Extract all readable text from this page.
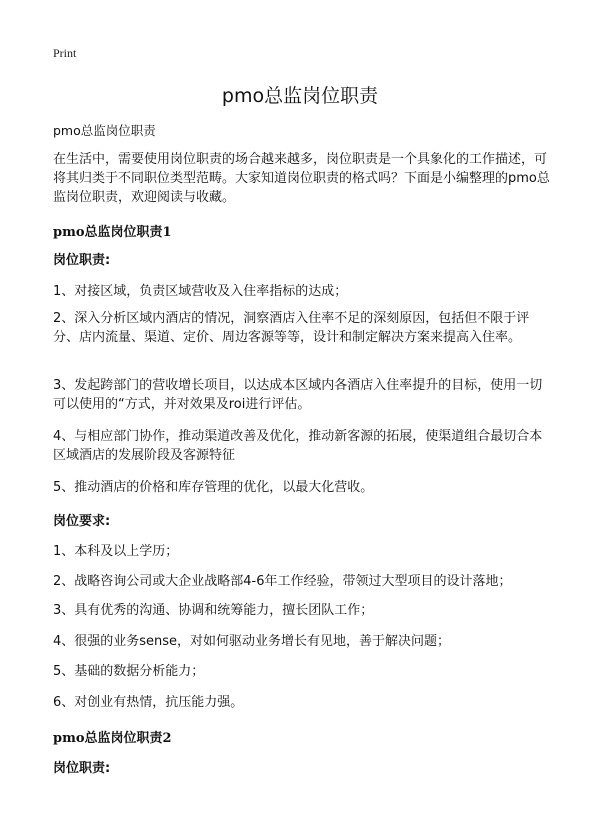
Print
pmo总监岗位职责
pmo总监岗位职责
在生活中，需要使用岗位职责的场合越来越多，岗位职责是一个具象化的工作描述，可将其归类于不同职位类型范畴。大家知道岗位职责的格式吗？下面是小编整理的pmo总监岗位职责，欢迎阅读与收藏。
pmo总监岗位职责1
岗位职责:
1、对接区域，负责区域营收及入住率指标的达成；
2、深入分析区域内酒店的情况，洞察酒店入住率不足的深刻原因，包括但不限于评分、店内流量、渠道、定价、周边客源等等，设计和制定解决方案来提高入住率。
3、发起跨部门的营收增长项目，以达成本区域内各酒店入住率提升的目标，使用一切可以使用的“方式，并对效果及roi进行评估。
4、与相应部门协作，推动渠道改善及优化，推动新客源的拓展，使渠道组合最切合本区域酒店的发展阶段及客源特征
5、推动酒店的价格和库存管理的优化，以最大化营收。
岗位要求:
1、本科及以上学历；
2、战略咨询公司或大企业战略部4-6年工作经验，带领过大型项目的设计落地；
3、具有优秀的沟通、协调和统筹能力，擅长团队工作；
4、很强的业务sense，对如何驱动业务增长有见地，善于解决问题；
5、基础的数据分析能力；
6、对创业有热情，抗压能力强。
pmo总监岗位职责2
岗位职责:
